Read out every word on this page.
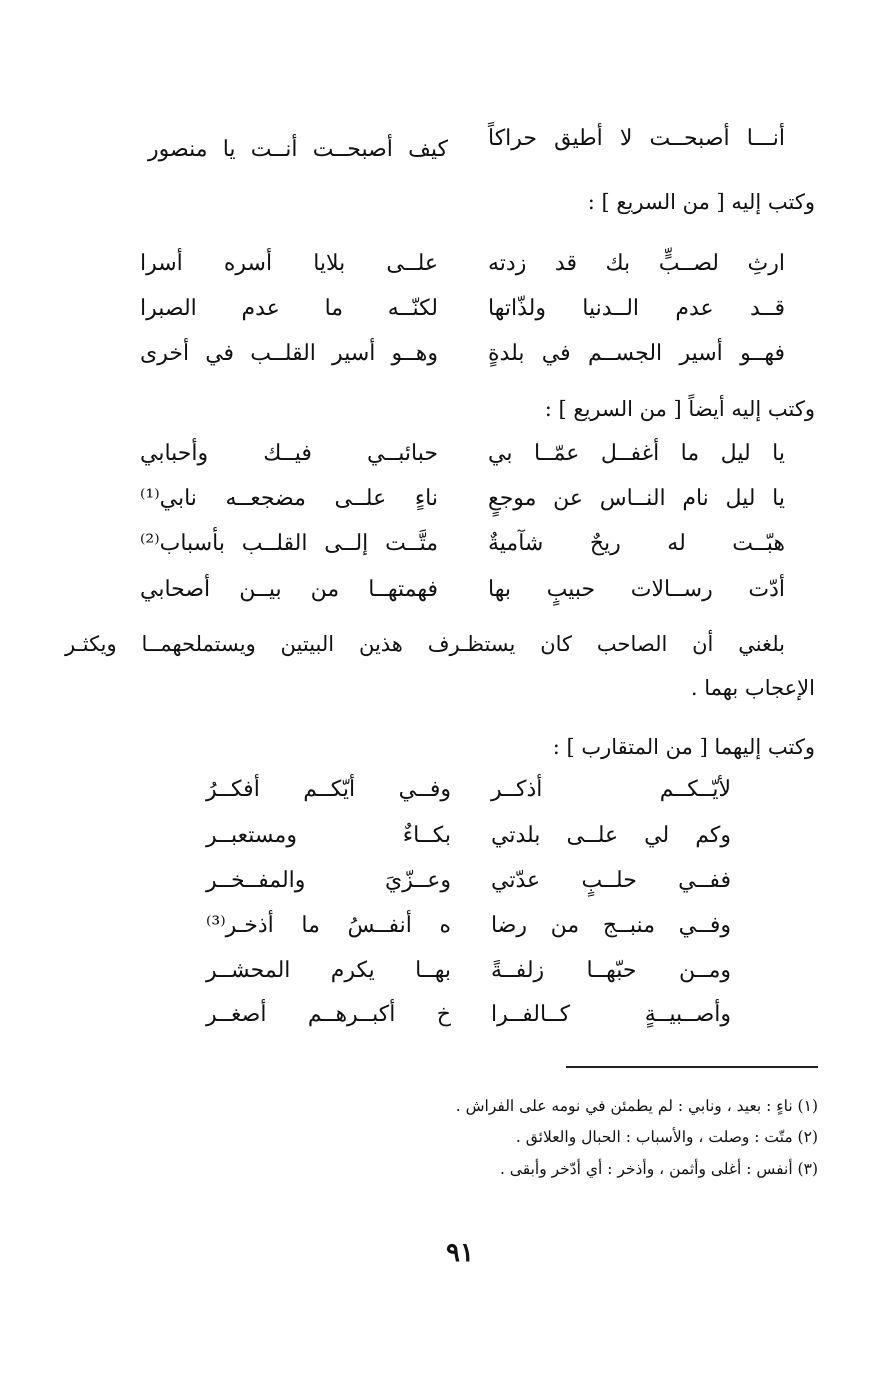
أنـــا أصبحــت لا أطيق حراكاً
كيف أصبحــت أنــت يا منصور
وكتب إليه [ من السريع ] :
ارثِ لصــبٍّ بك قد زدته
علــى بلايا أسره أسرا
قــد عدم الــدنيا ولذّاتها
لكنّــه ما عدم الصبرا
فهــو أسير الجســم في بلدةٍ
وهــو أسير القلــب في أخرى
وكتب إليه أيضاً [ من السريع ] :
يا ليل ما أغفــل عمّــا بي
حبائبــي فيــك وأحبابي
يا ليل نام النــاس عن موجعٍ
ناءٍ علــى مضجعــه نابي⁽¹⁾
هبّــت له ريحٌ شآميةٌ
متَّــت إلــى القلــب بأسباب⁽²⁾
أدّت رســالات حبيبٍ بها
فهمتهــا من بيــن أصحابي
بلغني أن الصاحب كان يستظـرف هذين البيتين ويستملحهمــا ويكثـر
الإعجاب بهما .
وكتب إليهما [ من المتقارب ] :
لأيّــكــم أذكــر
وفــي أيّكــم أفكــرُ
وكم لي علــى بلدتي
بكــاءٌ ومستعبــر
ففــي حلــبٍ عدّتي
وعــزّيَ والمفــخــر
وفــي منبــج من رضا
ه أنفــسُ ما أذخـر⁽³⁾
ومــن حبّهــا زلفــةً
بهــا يكرم المحشــر
وأصــبيــةٍ كــالفــرا
خ أكبــرهــم أصغــر
(١) ناءٍ : بعيد ، ونابي : لم يطمئن في نومه على الفراش .
(٢) متّت : وصلت ، والأسباب : الحبال والعلائق .
(٣) أنفس : أغلى وأثمن ، وأذخر : أي أدّخر وأبقى .
٩١
